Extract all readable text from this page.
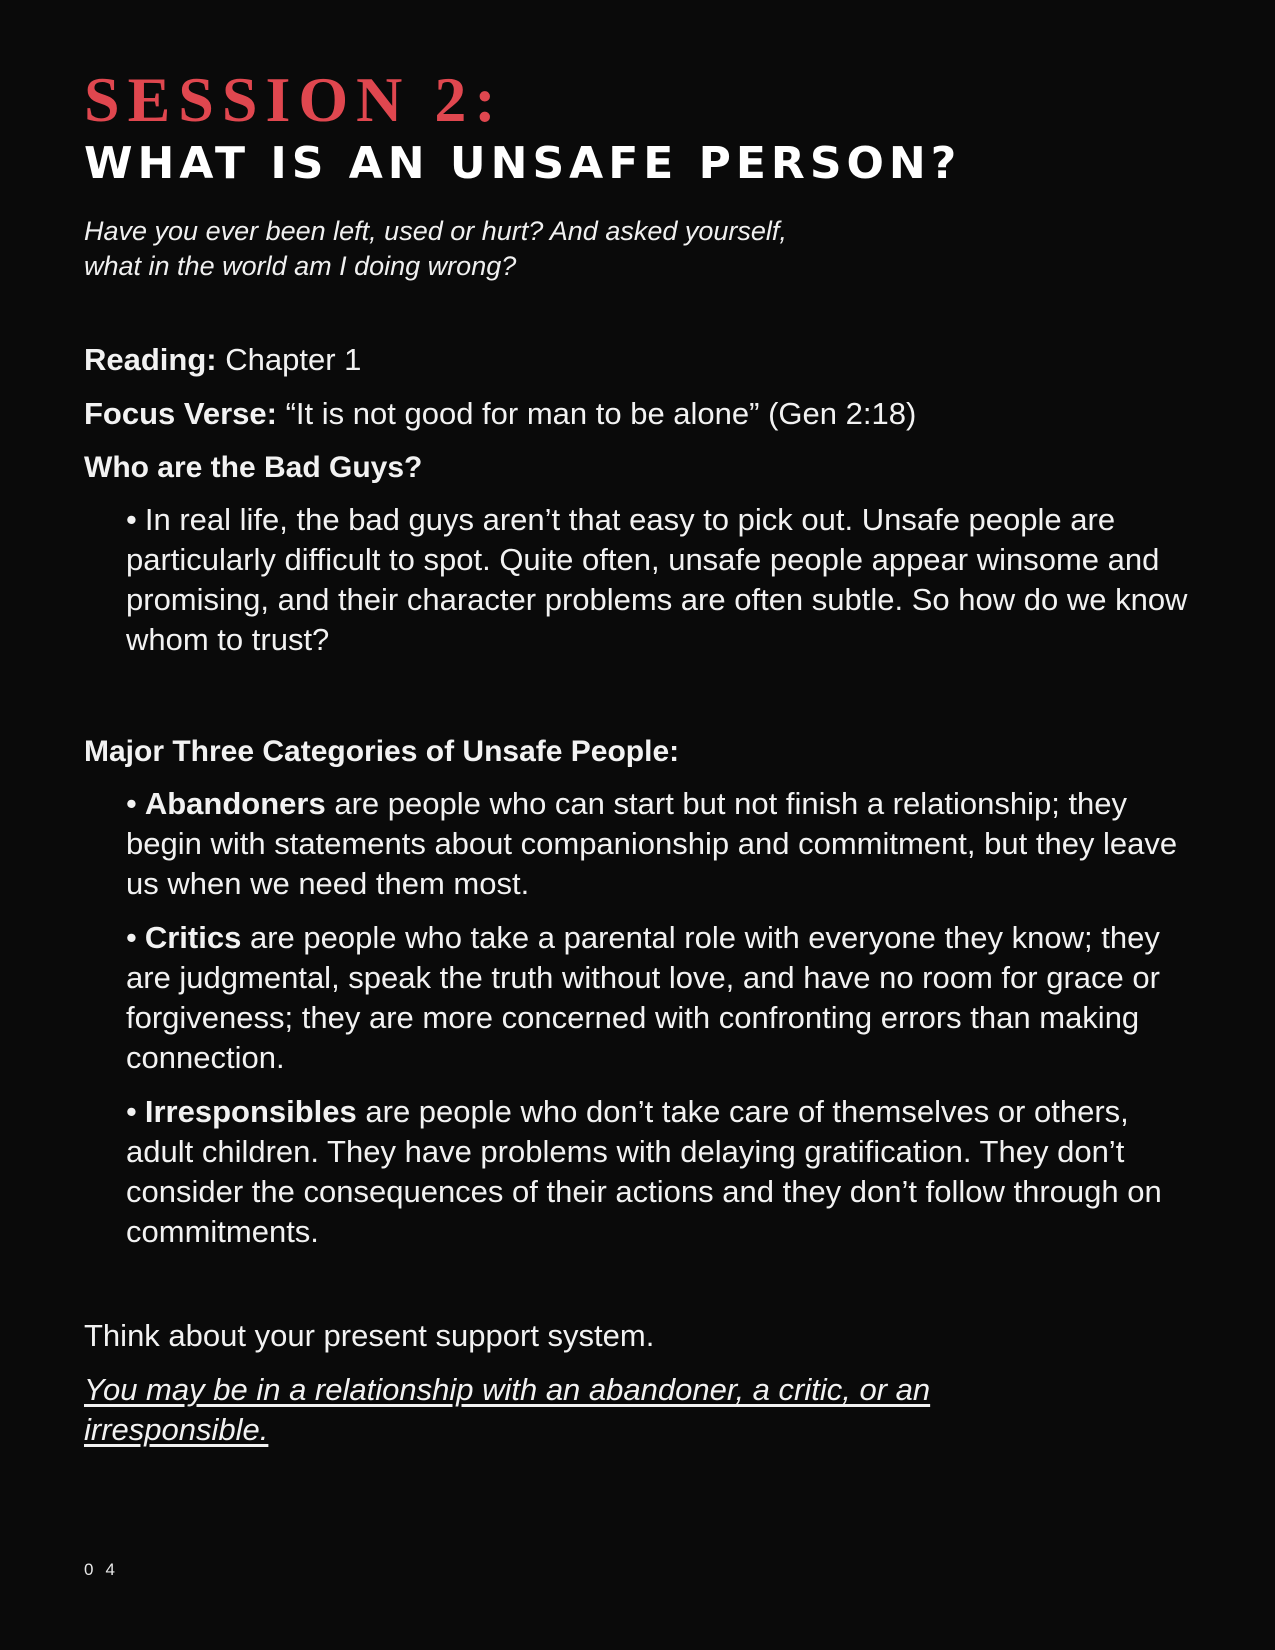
SESSION 2:
WHAT IS AN UNSAFE PERSON?

Have you ever been left, used or hurt? And asked yourself,
what in the world am I doing wrong?

Reading: Chapter 1

Focus Verse: “It is not good for man to be alone” (Gen 2:18)

Who are the Bad Guys?
• In real life, the bad guys aren’t that easy to pick out. Unsafe people are particularly difficult to spot. Quite often, unsafe people appear winsome and promising, and their character problems are often subtle. So how do we know whom to trust?
Major Three Categories of Unsafe People:
• Abandoners are people who can start but not finish a relationship; they begin with statements about companionship and commitment, but they leave us when we need them most.
• Critics are people who take a parental role with everyone they know; they are judgmental, speak the truth without love, and have no room for grace or forgiveness; they are more concerned with confronting errors than making connection.
• Irresponsibles are people who don’t take care of themselves or others, adult children. They have problems with delaying gratification. They don’t consider the consequences of their actions and they don’t follow through on commitments.

Think about your present support system.

You may be in a relationship with an abandoner, a critic, or an irresponsible.

04
